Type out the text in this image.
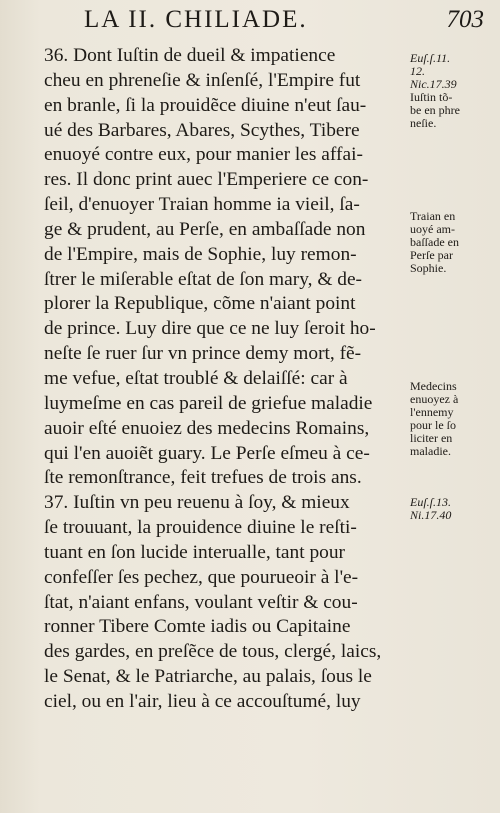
LA II. CHILIADE.	703
36. Dont Iuſtin de dueil & impatience
cheu en phreneſie & inſenſé, l'Empire fut
en branle, ſi la prouidẽce diuine n'eut ſau-
ué des Barbares, Abares, Scythes, Tibere
enuoyé contre eux, pour manier les affai-
res. Il donc print auec l'Emperiere ce con-
ſeil, d'enuoyer Traian homme ia vieil, ſa-
ge & prudent, au Perſe, en ambaſſade non
de l'Empire, mais de Sophie, luy remon-
ſtrer le miſerable eſtat de ſon mary, & de-
plorer la Republique, cõme n'aiant point
de prince. Luy dire que ce ne luy ſeroit ho-
neſte ſe ruer ſur vn prince demy mort, fẽ-
me vefue, eſtat troublé & delaiſſé: car à
luymeſme en cas pareil de griefue maladie
auoir eſté enuoiez des medecins Romains,
qui l'en auoiẽt guary. Le Perſe eſmeu à ce-
ſte remonſtrance, feit trefues de trois ans.
37. Iuſtin vn peu reuenu à ſoy, & mieux
ſe trouuant, la prouidence diuine le reſti-
tuant en ſon lucide interualle, tant pour
confeſſer ſes pechez, que pourueoir à l'e-
ſtat, n'aiant enfans, voulant veſtir & cou-
ronner Tibere Comte iadis ou Capitaine
des gardes, en preſẽce de tous, clergé, laics,
le Senat, & le Patriarche, au palais, ſous le
ciel, ou en l'air, lieu à ce accouſtumé, luy
Euſ.ſ.11.
12.
Nic.17.39
Iuſtin tõ-
be en phre
neſie.
Traian en
uoyé am-
baſſade en
Perſe par
Sophie.
Medecins
enuoyez à
l'ennemy
pour le ſo
liciter en
maladie.
Euſ.ſ.13.
Ni.17.40
